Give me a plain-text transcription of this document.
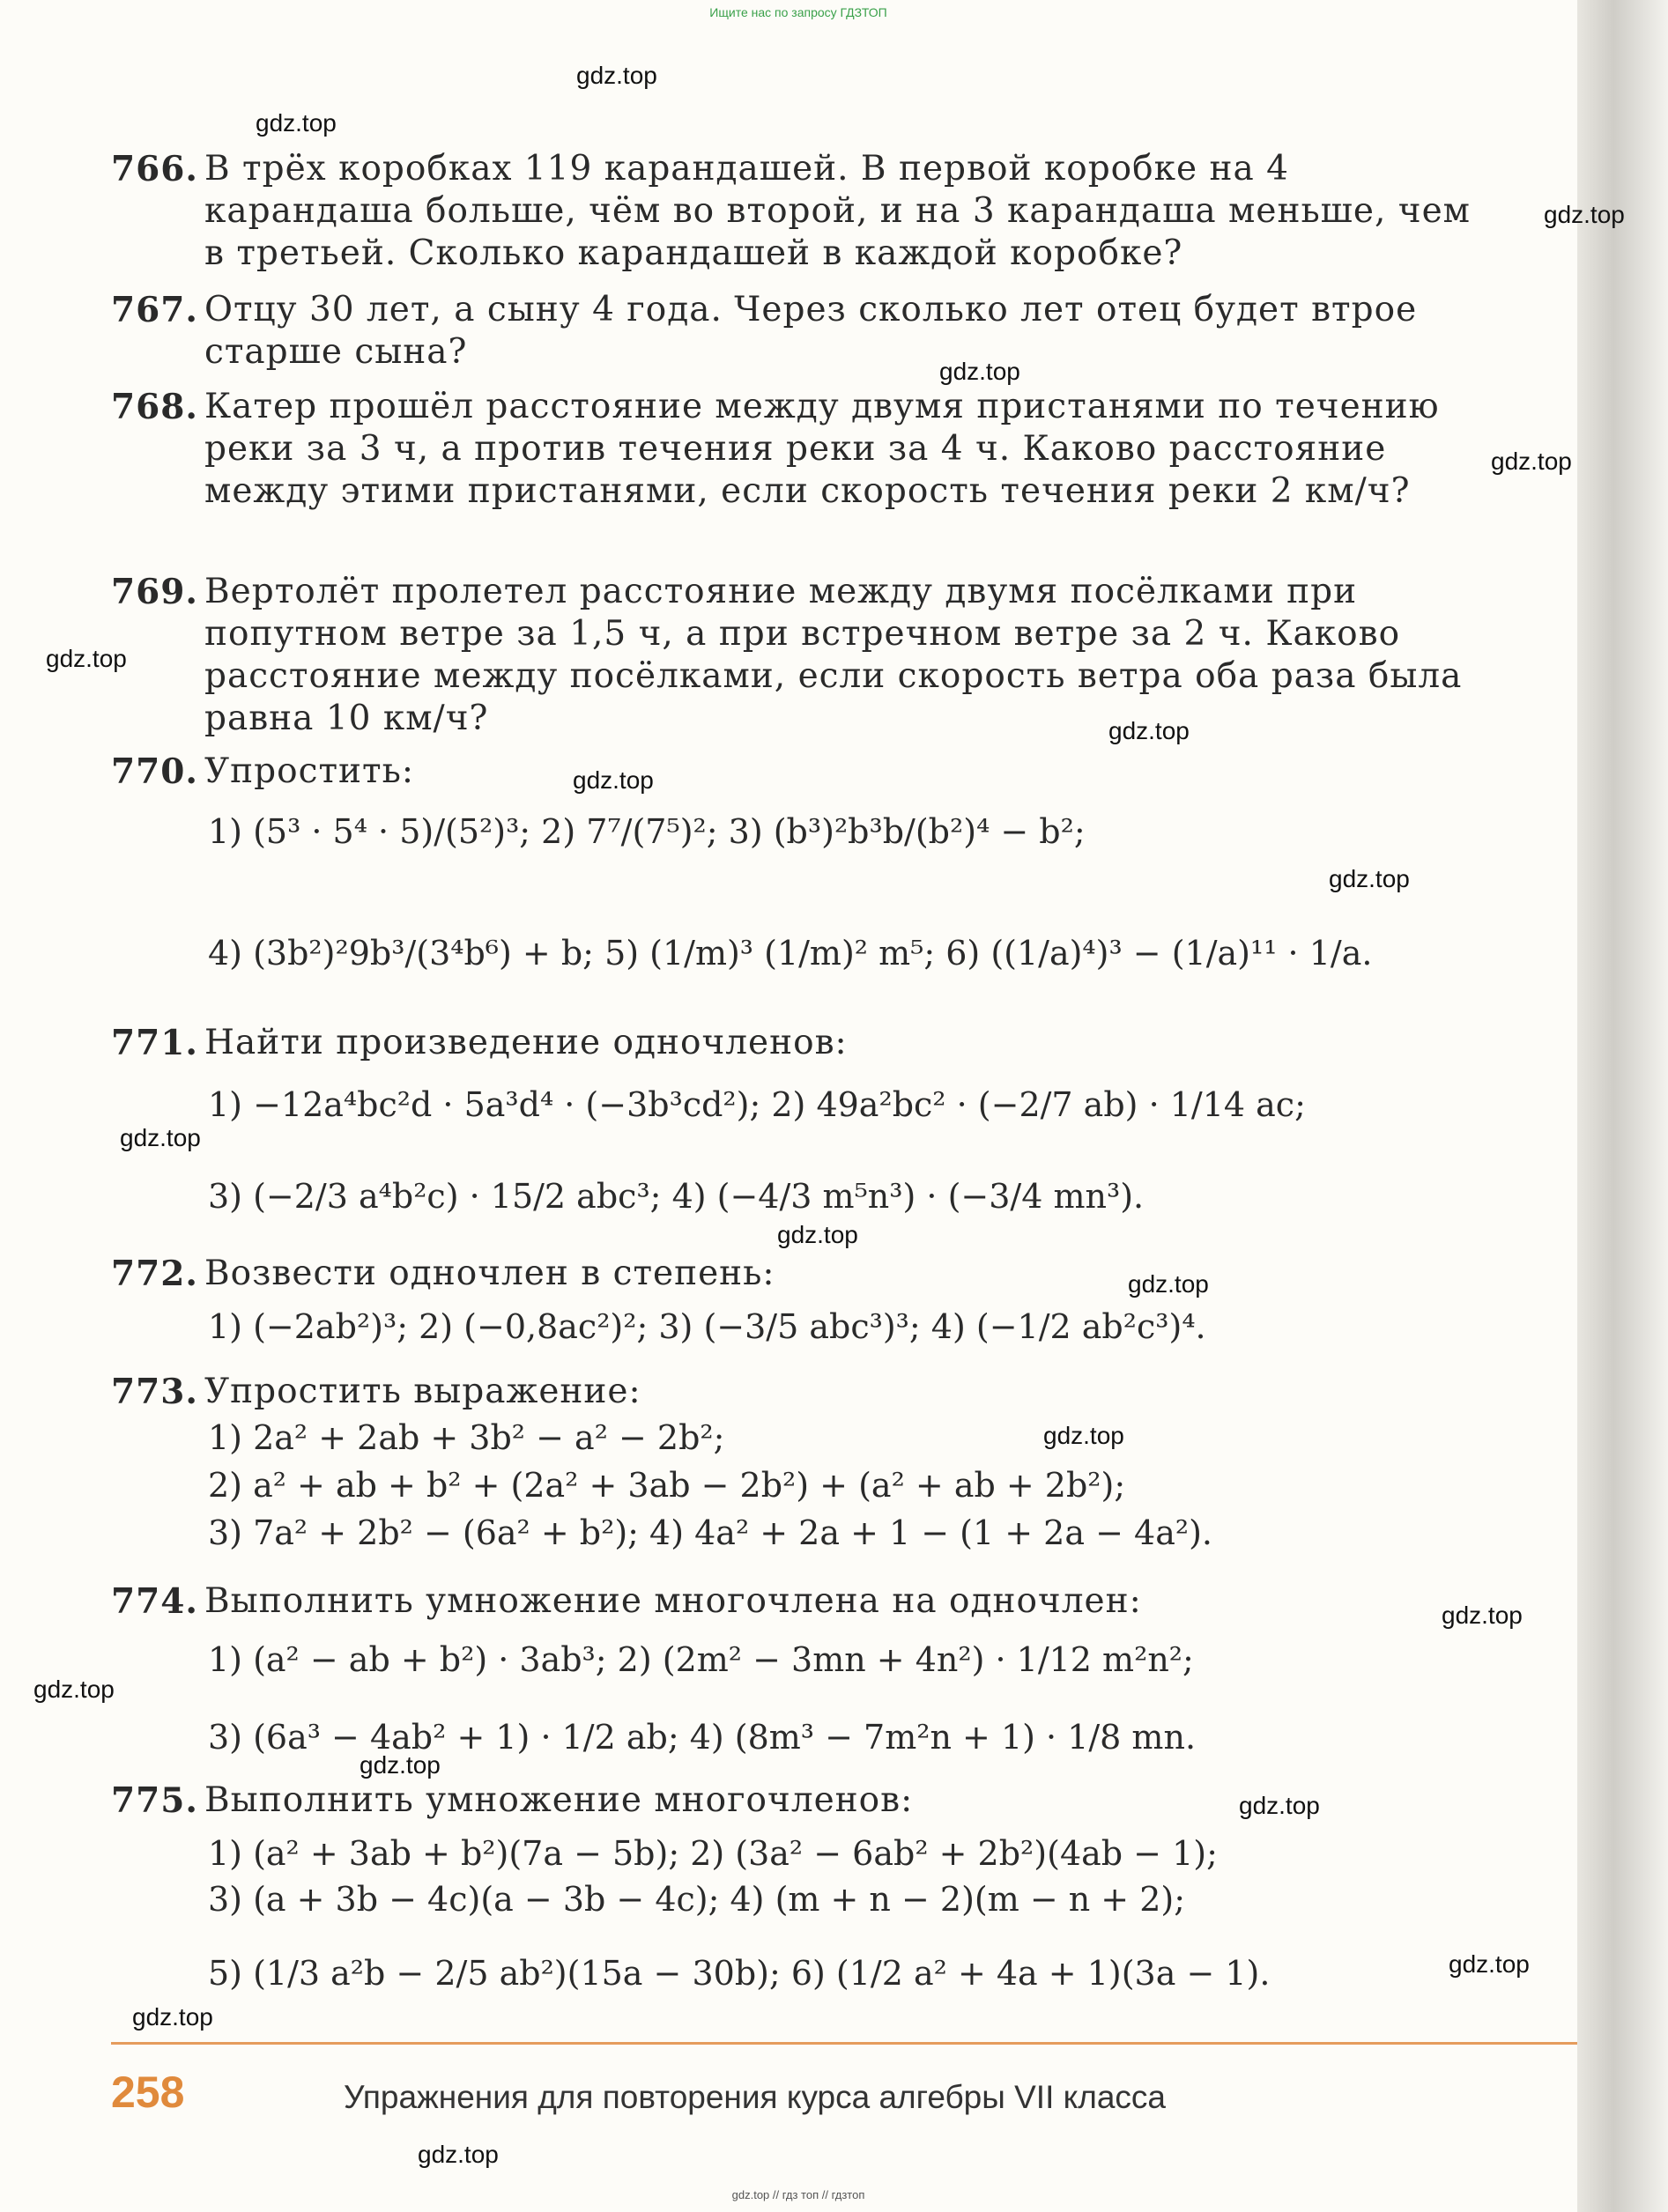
Ищите нас по запросу ГДЗТОП
gdz.top
gdz.top
gdz.top
gdz.top
gdz.top
gdz.top
gdz.top
gdz.top
gdz.top
gdz.top
gdz.top
gdz.top
gdz.top
gdz.top
gdz.top
gdz.top
gdz.top
gdz.top
gdz.top
gdz.top
766. В трёх коробках 119 карандашей. В первой коробке на 4 карандаша больше, чём во второй, и на 3 карандаша меньше, чем в третьей. Сколько карандашей в каждой коробке?
767. Отцу 30 лет, а сыну 4 года. Через сколько лет отец будет втрое старше сына?
768. Катер прошёл расстояние между двумя пристанями по течению реки за 3 ч, а против течения реки за 4 ч. Каково расстояние между этими пристанями, если скорость течения реки 2 км/ч?
769. Вертолёт пролетел расстояние между двумя посёлками при попутном ветре за 1,5 ч, а при встречном ветре за 2 ч. Каково расстояние между посёлками, если скорость ветра оба раза была равна 10 км/ч?
770. Упростить:
1) (5³ · 5⁴ · 5)/(5²)³; 2) 7⁷/(7⁵)²; 3) (b³)²b³b/(b²)⁴ − b²;
4) (3b²)²9b³/(3⁴b⁶) + b; 5) (1/m)³ (1/m)² m⁵; 6) ((1/a)⁴)³ − (1/a)¹¹ · 1/a.
771. Найти произведение одночленов:
1) −12a⁴bc²d · 5a³d⁴ · (−3b³cd²); 2) 49a²bc² · (−2/7 ab) · 1/14 ac;
3) (−2/3 a⁴b²c) · 15/2 abc³; 4) (−4/3 m⁵n³) · (−3/4 mn³).
772. Возвести одночлен в степень:
1) (−2ab²)³; 2) (−0,8ac²)²; 3) (−3/5 abc³)³; 4) (−1/2 ab²c³)⁴.
773. Упростить выражение:
1) 2a² + 2ab + 3b² − a² − 2b²;
2) a² + ab + b² + (2a² + 3ab − 2b²) + (a² + ab + 2b²);
3) 7a² + 2b² − (6a² + b²); 4) 4a² + 2a + 1 − (1 + 2a − 4a²).
774. Выполнить умножение многочлена на одночлен:
1) (a² − ab + b²) · 3ab³; 2) (2m² − 3mn + 4n²) · 1/12 m²n²;
3) (6a³ − 4ab² + 1) · 1/2 ab; 4) (8m³ − 7m²n + 1) · 1/8 mn.
775. Выполнить умножение многочленов:
1) (a² + 3ab + b²)(7a − 5b); 2) (3a² − 6ab² + 2b²)(4ab − 1);
3) (a + 3b − 4c)(a − 3b − 4c); 4) (m + n − 2)(m − n + 2);
5) (1/3 a²b − 2/5 ab²)(15a − 30b); 6) (1/2 a² + 4a + 1)(3a − 1).
258	Упражнения для повторения курса алгебры VII класса
gdz.top // гдз топ // гдзтоп
